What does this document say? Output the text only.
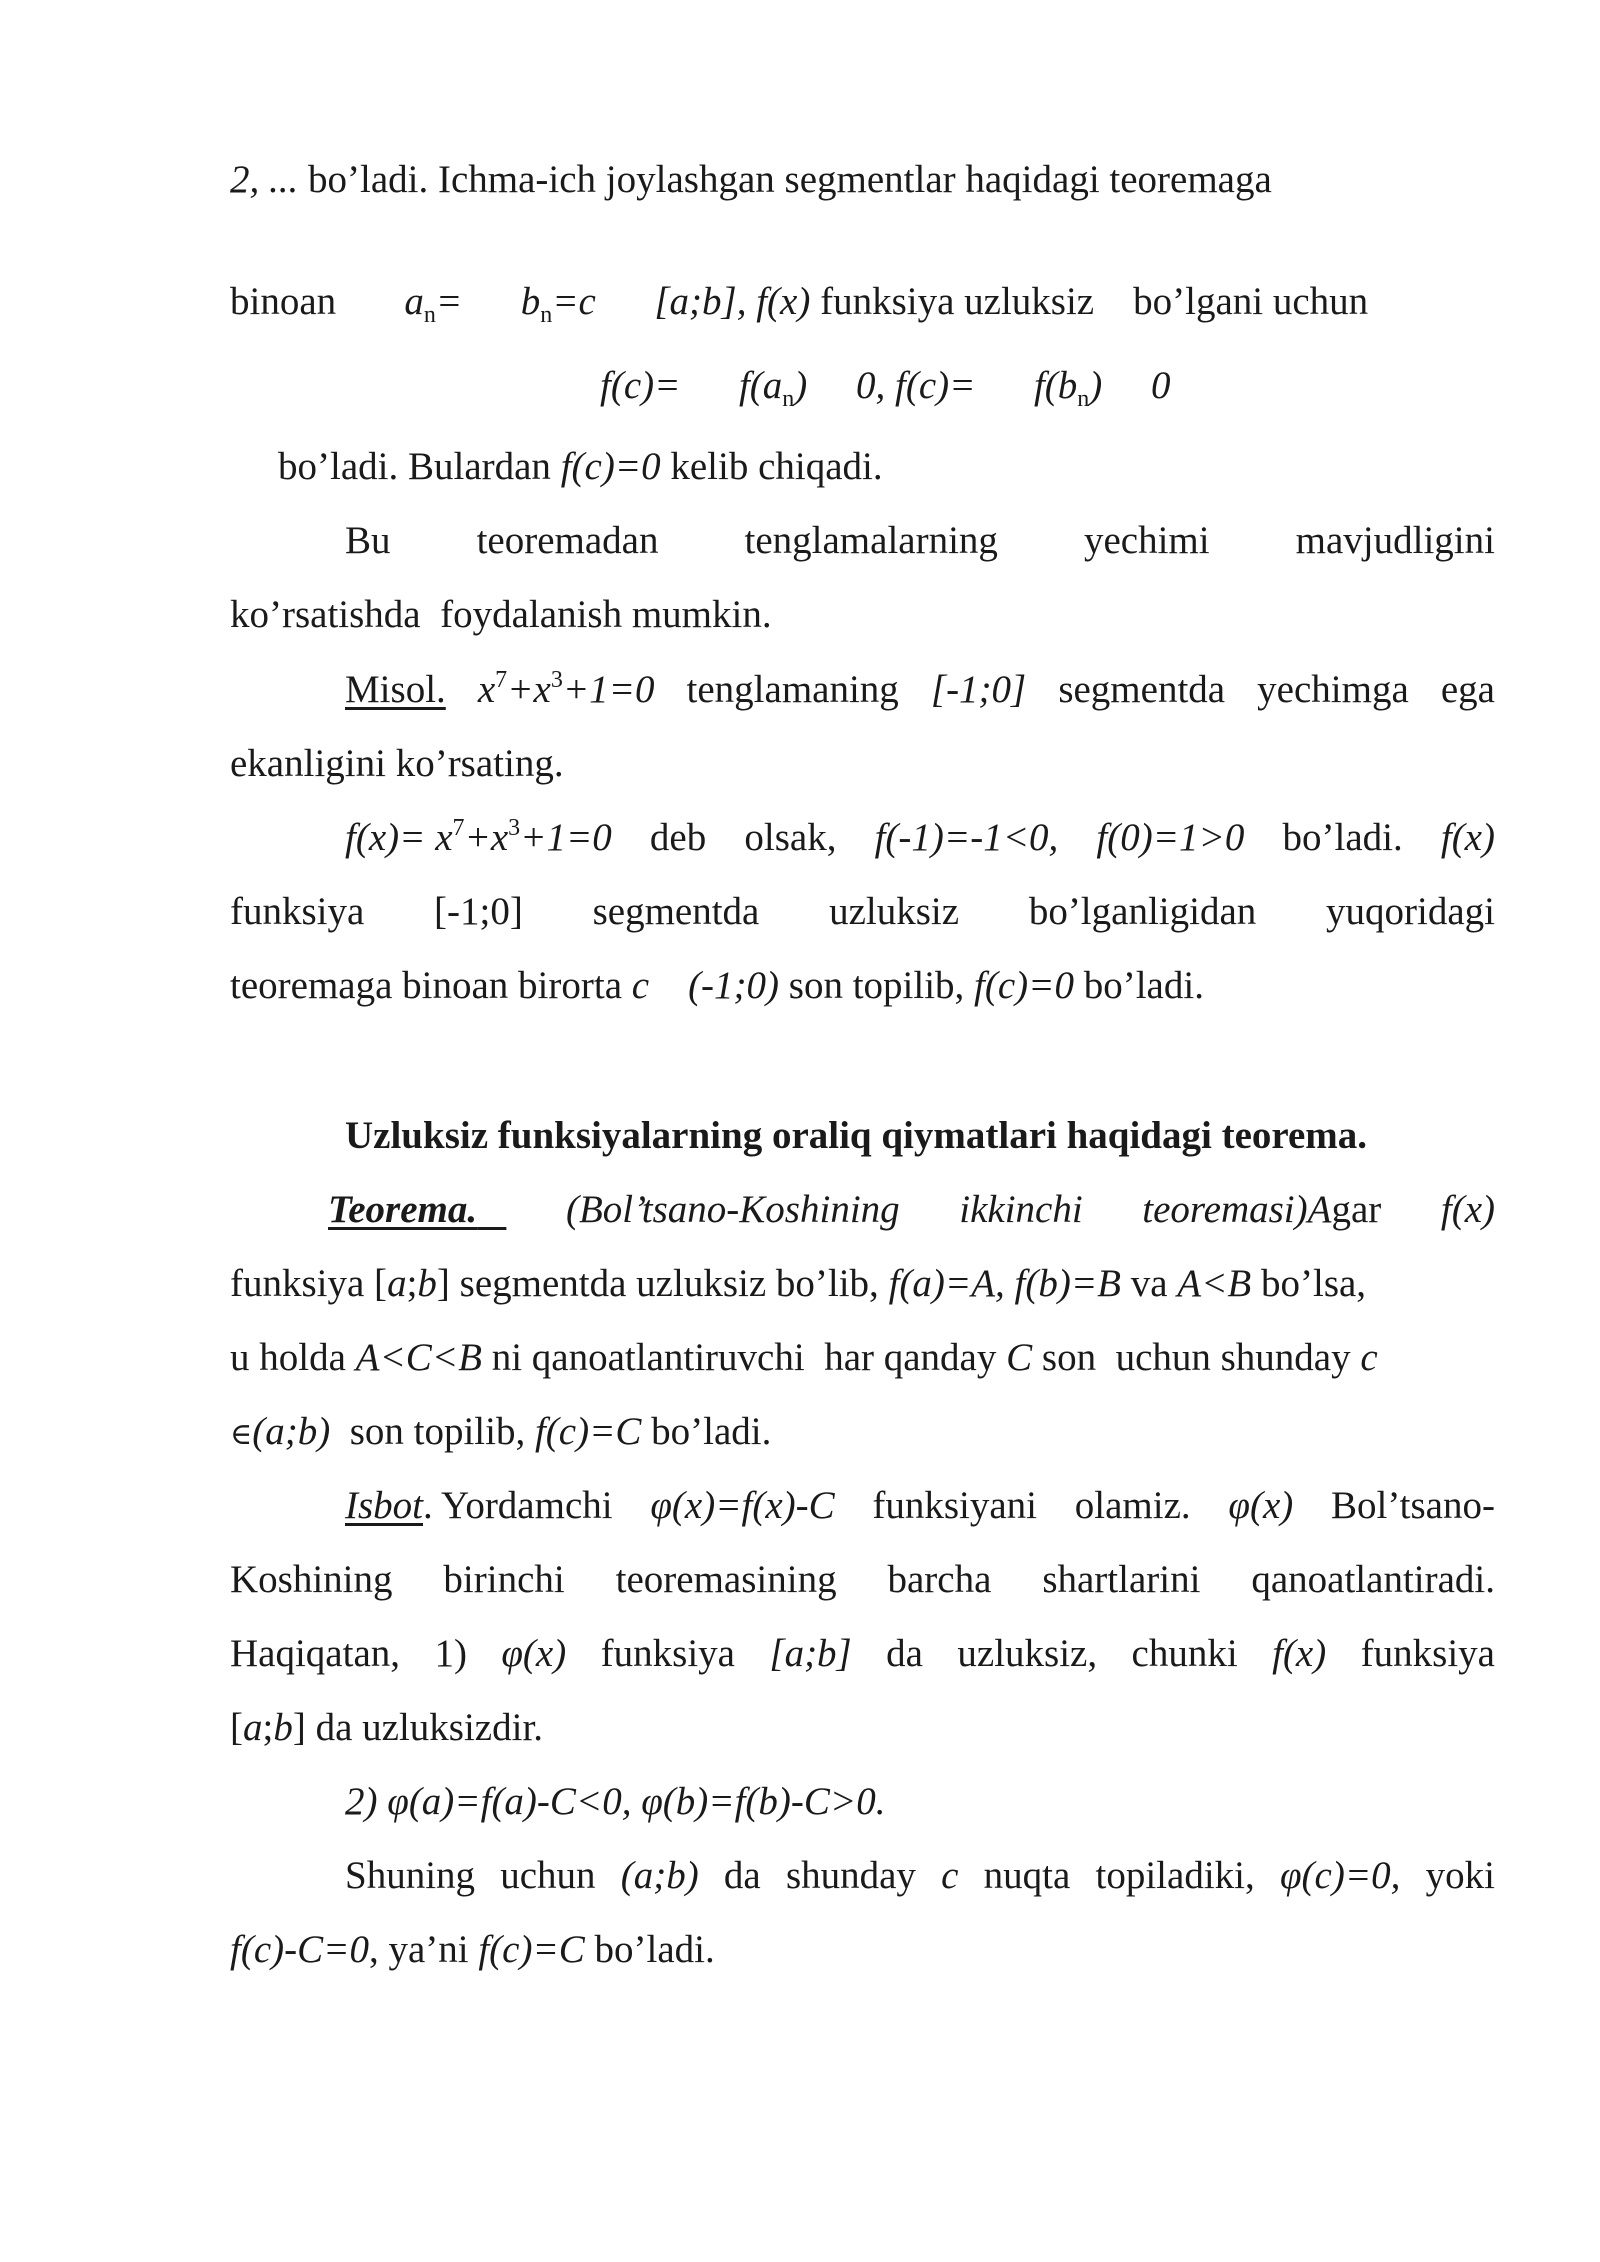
2, ... bo’ladi. Ichma-ich joylashgan segmentlar haqidagi teoremaga
binoan $a_n= b_n=c$ [a;b], f(x) funksiya uzluksiz bo’lgani uchun
$f(c)= f(a_n)$ 0, $f(c)= f(b_n)$ 0
bo’ladi. Bulardan f(c)=0 kelib chiqadi.
Bu teoremadan tenglamalarning yechimi mavjudligini
ko’rsatishda  foydalanish mumkin.
Misol. $x^7+x^3+1=0$ tenglamaning [-1;0] segmentda yechimga ega
ekanligini ko’rsating.
$f(x)= x^7+x^3+1=0$ deb olsak, f(-1)=-1<0, f(0)=1>0 bo’ladi. f(x)
funksiya [-1;0] segmentda uzluksiz bo’lganligidan yuqoridagi
teoremaga binoan birorta c (-1;0) son topilib, f(c)=0 bo’ladi.
Uzluksiz funksiyalarning oraliq qiymatlari haqidagi teorema.
Teorema.	(Bol’tsano-Koshining ikkinchi teoremasi)Agar f(x)
funksiya [a;b] segmentda uzluksiz bo’lib, f(a)=A, f(b)=B va A<B bo’lsa,
u holda A<C<B ni qanoatlantiruvchi  har qanday C son  uchun shunday c
∈(a;b)  son topilib, f(c)=C bo’ladi.
Isbot. Yordamchi φ(x)=f(x)-C funksiyani olamiz. φ(x) Bol’tsano-
Koshining birinchi teoremasining barcha shartlarini qanoatlantiradi.
Haqiqatan, 1) φ(x) funksiya [a;b] da uzluksiz, chunki f(x) funksiya
[a;b] da uzluksizdir.
2) φ(a)=f(a)-C<0, φ(b)=f(b)-C>0.
Shuning uchun (a;b) da shunday c nuqta topiladiki, φ(c)=0, yoki
f(c)-C=0, ya’ni f(c)=C bo’ladi.
